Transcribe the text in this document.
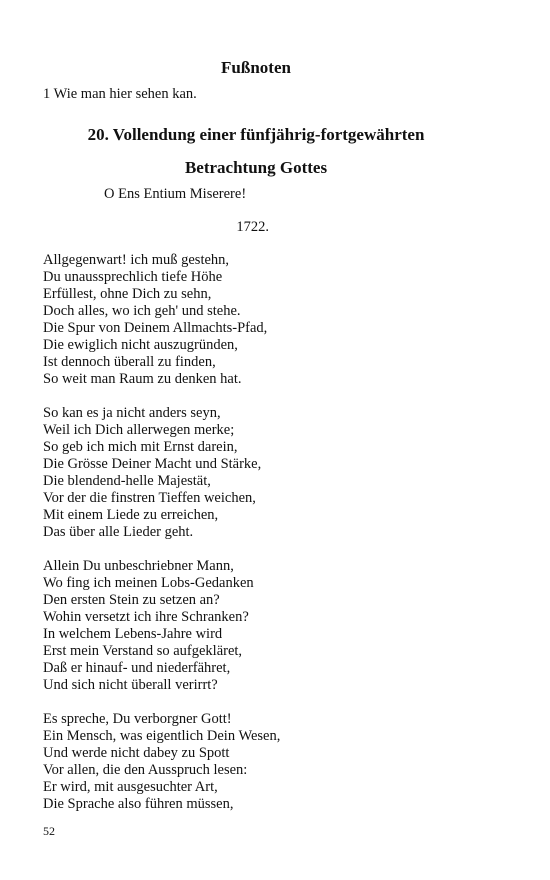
Fußnoten
1 Wie man hier sehen kan.
20. Vollendung einer fünfjährig-fortgewährten
Betrachtung Gottes
O Ens Entium Miserere!
1722.
Allgegenwart! ich muß gestehn,
Du unaussprechlich tiefe Höhe
Erfüllest, ohne Dich zu sehn,
Doch alles, wo ich geh' und stehe.
Die Spur von Deinem Allmachts-Pfad,
Die ewiglich nicht auszugründen,
Ist dennoch überall zu finden,
So weit man Raum zu denken hat.
So kan es ja nicht anders seyn,
Weil ich Dich allerwegen merke;
So geb ich mich mit Ernst darein,
Die Grösse Deiner Macht und Stärke,
Die blendend-helle Majestät,
Vor der die finstren Tieffen weichen,
Mit einem Liede zu erreichen,
Das über alle Lieder geht.
Allein Du unbeschriebner Mann,
Wo fing ich meinen Lobs-Gedanken
Den ersten Stein zu setzen an?
Wohin versetzt ich ihre Schranken?
In welchem Lebens-Jahre wird
Erst mein Verstand so aufgekläret,
Daß er hinauf- und niederfähret,
Und sich nicht überall verirrt?
Es spreche, Du verborgner Gott!
Ein Mensch, was eigentlich Dein Wesen,
Und werde nicht dabey zu Spott
Vor allen, die den Ausspruch lesen:
Er wird, mit ausgesuchter Art,
Die Sprache also führen müssen,
52
